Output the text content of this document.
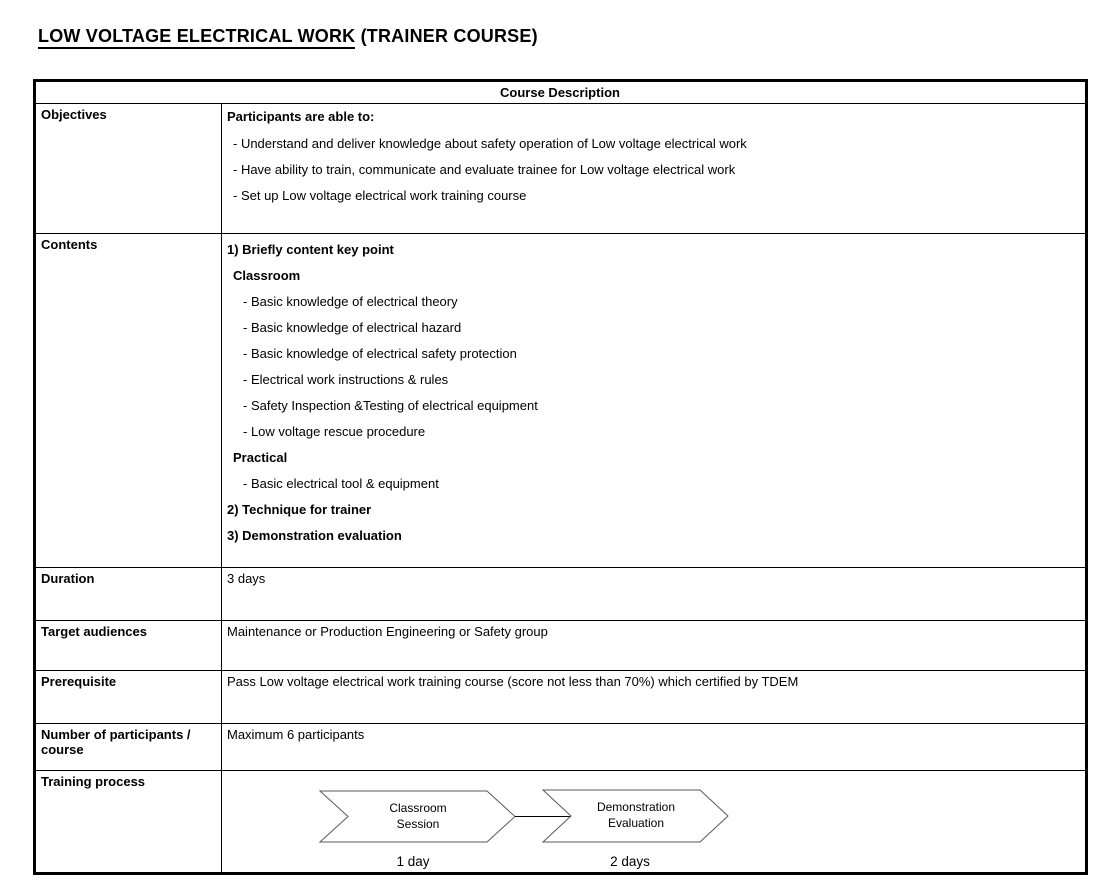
LOW VOLTAGE ELECTRICAL WORK (TRAINER COURSE)
Course Description	
Objectives	Participants are able to:
- Understand and deliver knowledge about safety operation of Low voltage electrical work
- Have ability to train, communicate and evaluate trainee for Low voltage electrical work
- Set up Low voltage electrical work training course

Contents	1) Briefly content key point
Classroom
- Basic knowledge of electrical theory
- Basic knowledge of electrical hazard
- Basic knowledge of electrical safety protection
- Electrical work instructions & rules
- Safety Inspection &Testing of electrical equipment
- Low voltage rescue procedure
Practical
- Basic electrical tool & equipment
2) Technique for trainer
3) Demonstration evaluation

Duration	3 days
Target audiences	Maintenance or Production Engineering or Safety group
Prerequisite	Pass Low voltage electrical work training course (score not less than 70%) which certified by TDEM
Number of participants / course	Maximum 6 participants
Training process	
Classroom
Session
Demonstration
Evaluation
1 day	2 days
